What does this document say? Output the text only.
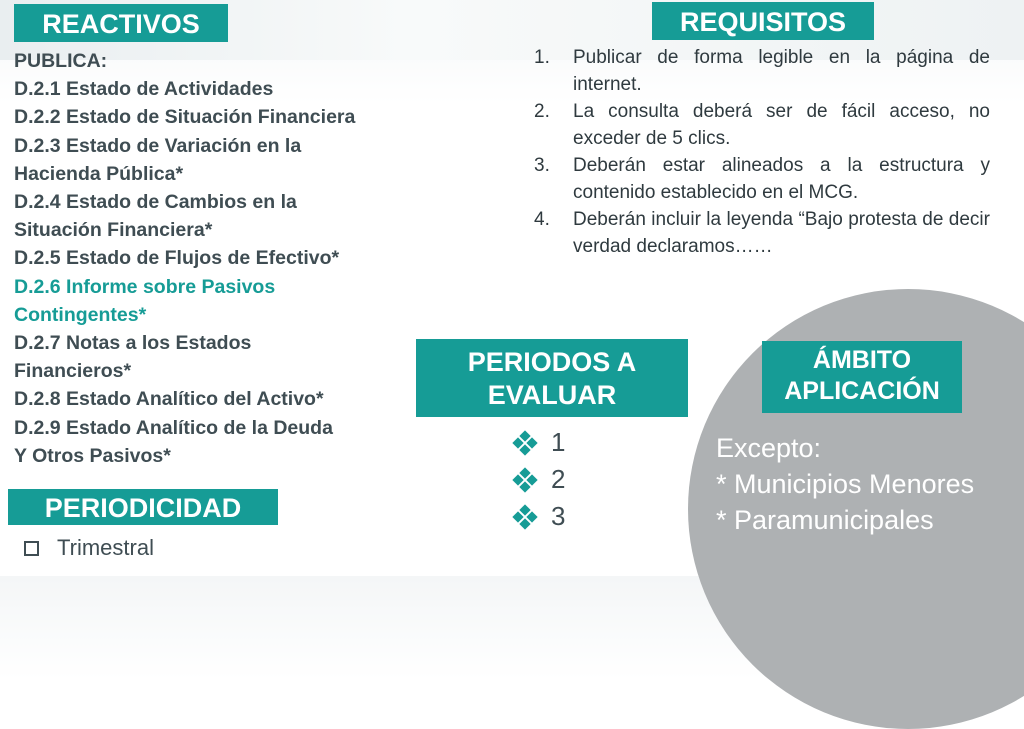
REACTIVOS
PUBLICA:
D.2.1 Estado de Actividades
D.2.2 Estado de Situación Financiera
D.2.3 Estado de Variación en la
Hacienda Pública*
D.2.4 Estado de Cambios en la
Situación Financiera*
D.2.5 Estado de Flujos de Efectivo*
D.2.6 Informe sobre Pasivos
Contingentes*
D.2.7 Notas a los Estados
Financieros*
D.2.8 Estado Analítico del Activo*
D.2.9 Estado Analítico de la Deuda
Y Otros Pasivos*
REQUISITOS
1. Publicar de forma legible en la página de internet.
2. La consulta deberá ser de fácil acceso, no exceder de 5 clics.
3. Deberán estar alineados a la estructura y contenido establecido en el MCG.
4. Deberán incluir la leyenda “Bajo protesta de decir verdad declaramos……
PERIODOS A
EVALUAR
1
2
3
ÁMBITO
APLICACIÓN
Excepto:
* Municipios Menores
* Paramunicipales
PERIODICIDAD
Trimestral
